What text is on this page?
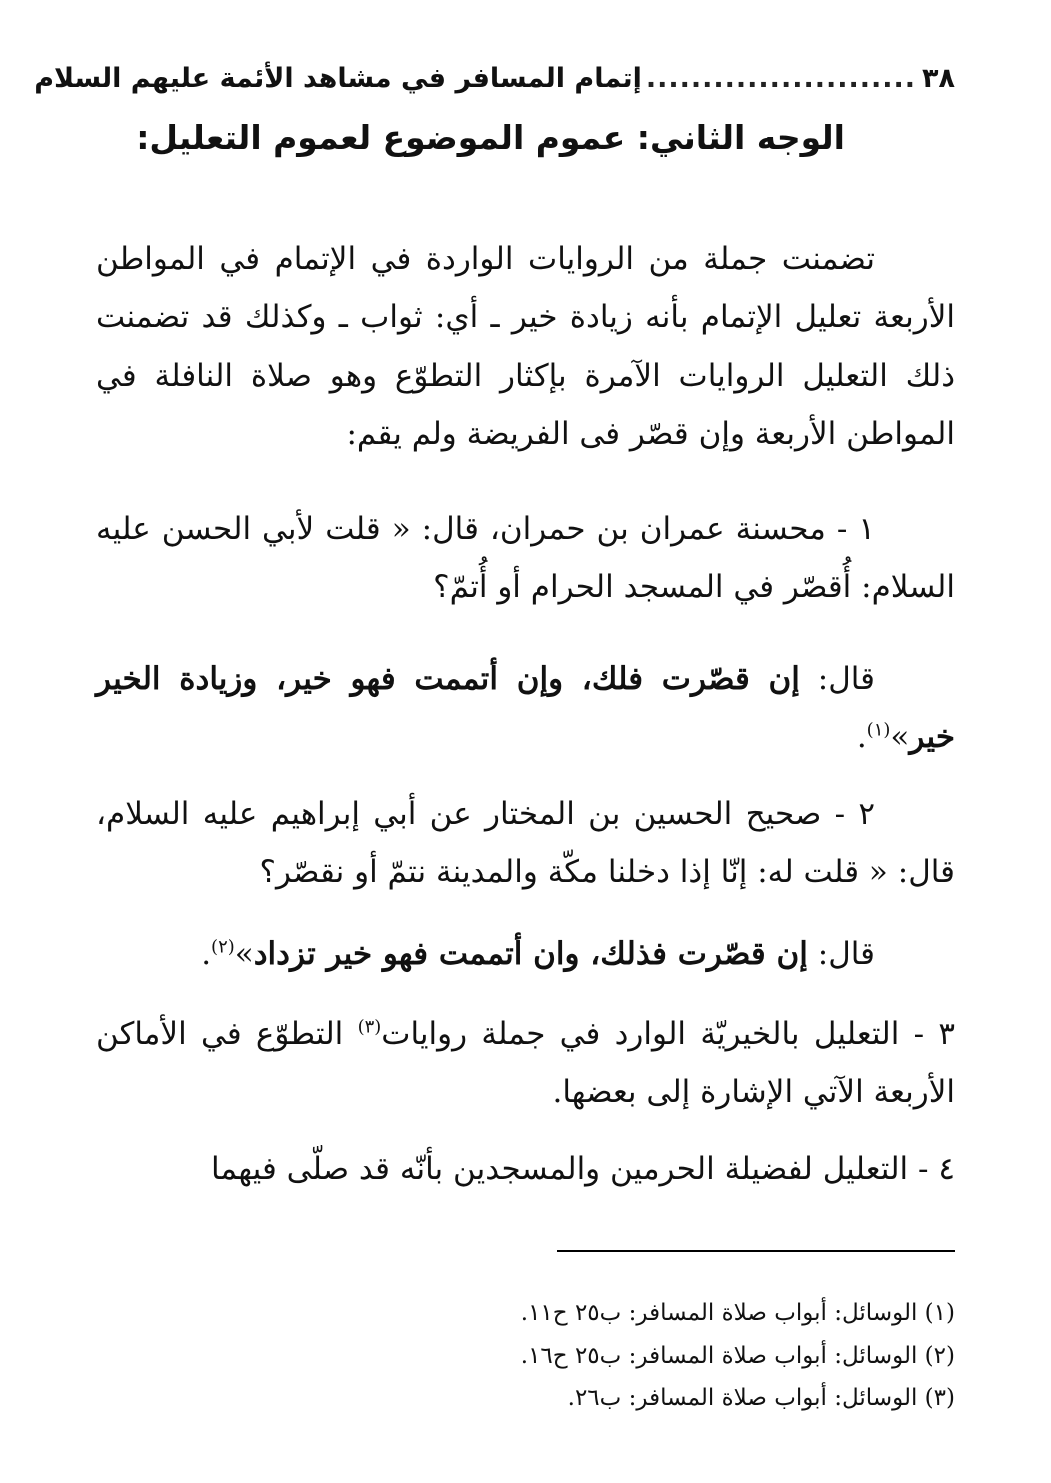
٣٨
........................
إتمام المسافر في مشاهد الأئمة عليهم السلام
الوجه الثاني: عموم الموضوع لعموم التعليل:

تضمنت جملة من الروايات الواردة في الإتمام في المواطن الأربعة تعليل الإتمام بأنه زيادة خير ـ أي: ثواب ـ وكذلك قد تضمنت ذلك التعليل الروايات الآمرة بإكثار التطوّع وهو صلاة النافلة في المواطن الأربعة وإن قصّر فى الفريضة ولم يقم:

١ - محسنة عمران بن حمران، قال: « قلت لأبي الحسن عليه السلام: أُقصّر في المسجد الحرام أو أُتمّ؟

قال: إن قصّرت فلك، وإن أتممت فهو خير، وزيادة الخير خير»$^{(١)}$.

٢ - صحيح الحسين بن المختار عن أبي إبراهيم عليه السلام، قال: « قلت له: إنّا إذا دخلنا مكّة والمدينة نتمّ أو نقصّر؟

قال: إن قصّرت فذلك، وان أتممت فهو خير تزداد»$^{(٢)}$.

٣ - التعليل بالخيريّة الوارد في جملة روايات$^{(٣)}$ التطوّع في الأماكن الأربعة الآتي الإشارة إلى بعضها.

٤ - التعليل لفضيلة الحرمين والمسجدين بأنّه قد صلّى فيهما

(١) الوسائل: أبواب صلاة المسافر: ب٢٥ ح١١.
(٢) الوسائل: أبواب صلاة المسافر: ب٢٥ ح١٦.
(٣) الوسائل: أبواب صلاة المسافر: ب٢٦.
